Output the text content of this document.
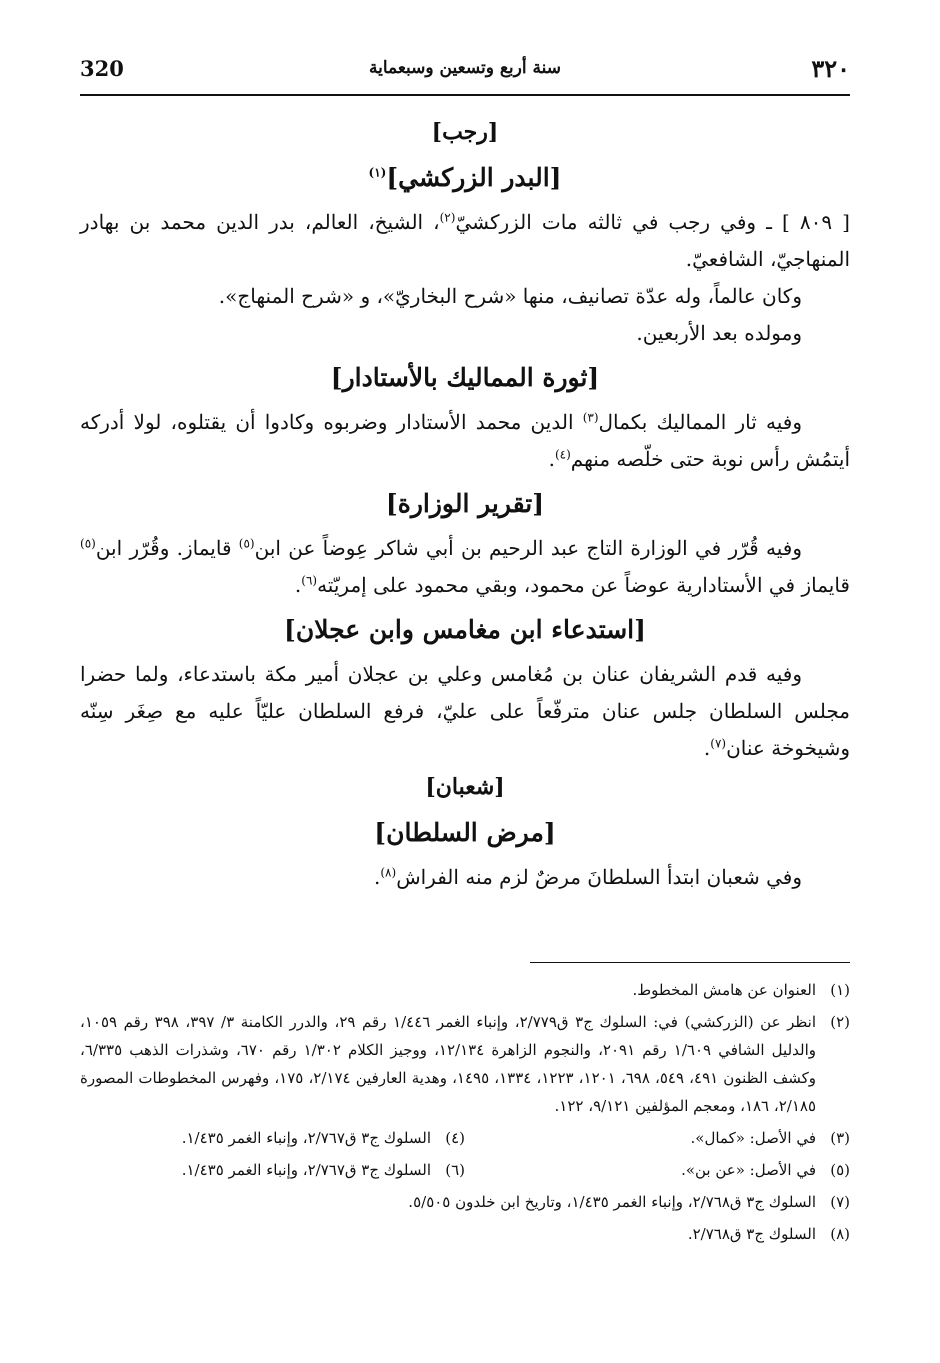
320	سنة أربع وتسعين وسبعماية	٣٢٠
[رجب]
[البدر الزركشي]$^{(١)}$

[ ٨٠٩ ] ـ وفي رجب في ثالثه مات الزركشيّ$^{(٢)}$، الشيخ، العالم، بدر الدين محمد بن بهادر المنهاجيّ، الشافعيّ.

وكان عالماً، وله عدّة تصانيف، منها «شرح البخاريّ»، و «شرح المنهاج».

ومولده بعد الأربعين.

[ثورة المماليك بالأستادار]

وفيه ثار المماليك بكمال$^{(٣)}$ الدين محمد الأستادار وضربوه وكادوا أن يقتلوه، لولا أدركه أيتمُش رأس نوبة حتى خلّصه منهم$^{(٤)}$.

[تقرير الوزارة]

وفيه قُرّر في الوزارة التاج عبد الرحيم بن أبي شاكر عِوضاً عن ابن$^{(٥)}$ قايماز. وقُرّر ابن$^{(٥)}$ قايماز في الأستادارية عوضاً عن محمود، وبقي محمود على إمريّته$^{(٦)}$.

[استدعاء ابن مغامس وابن عجلان]

وفيه قدم الشريفان عنان بن مُغامس وعلي بن عجلان أمير مكة باستدعاء، ولما حضرا مجلس السلطان جلس عنان مترفّعاً على عليّ، فرفع السلطان عليّاً عليه مع صِغَر سِنّه وشيخوخة عنان$^{(٧)}$.

[شعبان]
[مرض السلطان]

وفي شعبان ابتدأ السلطانَ مرضٌ لزم منه الفراش$^{(٨)}$.

(١)
العنوان عن هامش المخطوط.
(٢)
انظر عن (الزركشي) في: السلوك ج٣ ق٢/٧٧٩، وإنباء الغمر ١/٤٤٦ رقم ٢٩، والدرر الكامنة ٣/ ٣٩٧، ٣٩٨ رقم ١٠٥٩، والدليل الشافي ١/٦٠٩ رقم ٢٠٩١، والنجوم الزاهرة ١٢/١٣٤، ووجيز الكلام ١/٣٠٢ رقم ٦٧٠، وشذرات الذهب ٦/٣٣٥، وكشف الظنون ٤٩١، ٥٤٩، ٦٩٨، ١٢٠١، ١٢٢٣، ١٣٣٤، ١٤٩٥، وهدية العارفين ٢/١٧٤، ١٧٥، وفهرس المخطوطات المصورة ٢/١٨٥، ١٨٦، ومعجم المؤلفين ٩/١٢١، ١٢٢.
(٣)
في الأصل: «كمال».
(٤)
السلوك ج٣ ق٢/٧٦٧، وإنباء الغمر ١/٤٣٥.
(٥)
في الأصل: «عن بن».
(٦)
السلوك ج٣ ق٢/٧٦٧، وإنباء الغمر ١/٤٣٥.
(٧)
السلوك ج٣ ق٢/٧٦٨، وإنباء الغمر ١/٤٣٥، وتاريخ ابن خلدون ٥/٥٠٥.
(٨)
السلوك ج٣ ق٢/٧٦٨.
